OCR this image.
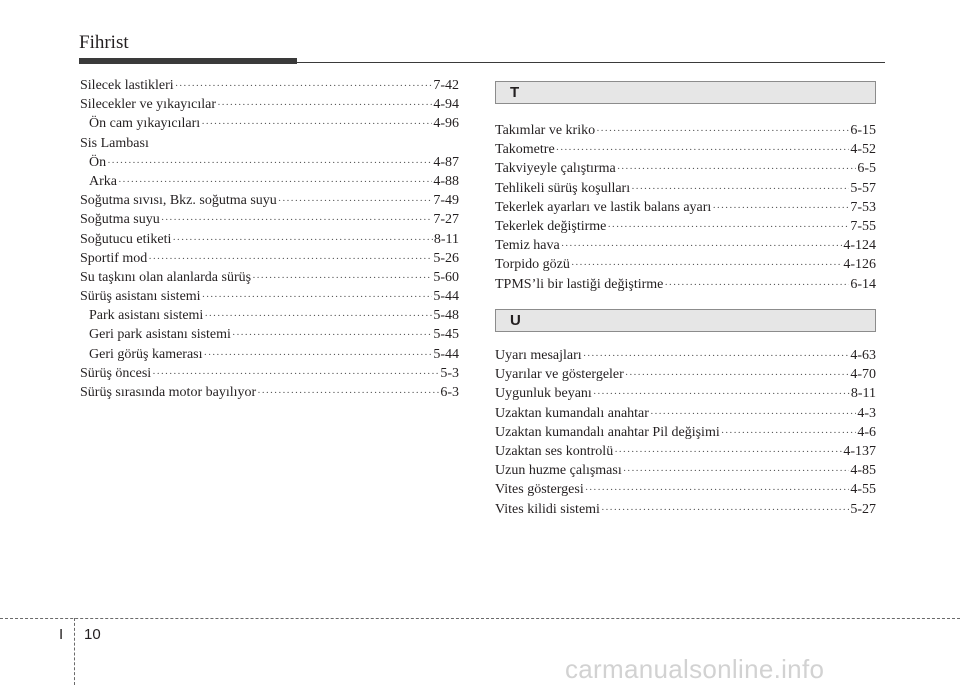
Fihrist
Silecek lastikleri ·····	7-42
Silecekler ve yıkayıcılar ·····	4-94
Ön cam yıkayıcıları ·····	4-96
Sis Lambası
Ön ·····	4-87
Arka ·····	4-88
Soğutma sıvısı, Bkz. soğutma suyu ·····	7-49
Soğutma suyu ·····	7-27
Soğutucu etiketi ·····	8-11
Sportif mod ·····	5-26
Su taşkını olan alanlarda sürüş ·····	5-60
Sürüş asistanı sistemi ·····	5-44
Park asistanı sistemi ·····	5-48
Geri park asistanı sistemi ·····	5-45
Geri görüş kamerası ·····	5-44
Sürüş öncesi ·····	5-3
Sürüş sırasında motor bayılıyor ·····	6-3
T
Takımlar ve kriko ·····	6-15
Takometre ·····	4-52
Takviyeyle çalıştırma ·····	6-5
Tehlikeli sürüş koşulları ·····	5-57
Tekerlek ayarları ve lastik balans ayarı ·····	7-53
Tekerlek değiştirme ·····	7-55
Temiz hava ·····	4-124
Torpido gözü ·····	4-126
TPMS’li bir lastiği değiştirme ·····	6-14
U
Uyarı mesajları ·····	4-63
Uyarılar ve göstergeler ·····	4-70
Uygunluk beyanı ·····	8-11
Uzaktan kumandalı anahtar ·····	4-3
Uzaktan kumandalı anahtar Pil değişimi ·····	4-6
Uzaktan ses kontrolü ·····	4-137
Uzun huzme çalışması ·····	4-85
Vites göstergesi ·····	4-55
Vites kilidi sistemi ·····	5-27
I 10
carmanualsonline.info
